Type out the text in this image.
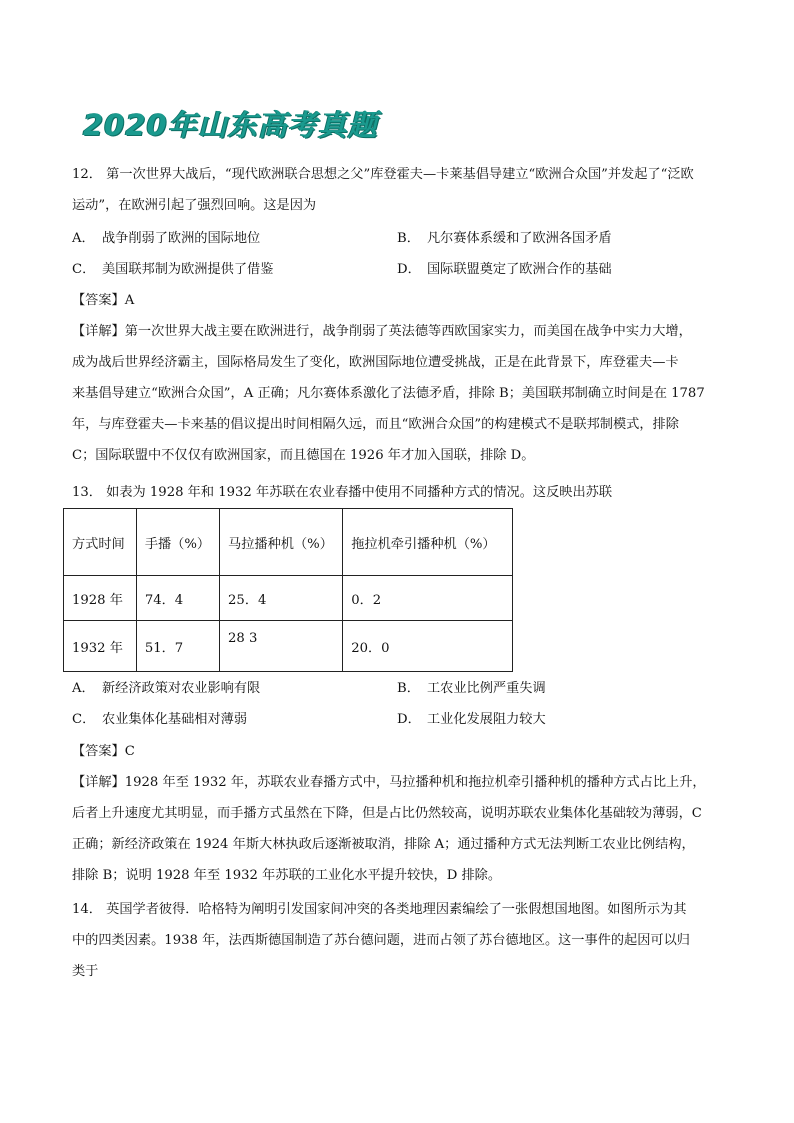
2020年山东高考真题
12． 第一次世界大战后，“现代欧洲联合思想之父”库登霍夫—卡莱基倡导建立“欧洲合众国”并发起了“泛欧
运动”，在欧洲引起了强烈回响。这是因为
A． 战争削弱了欧洲的国际地位	B． 凡尔赛体系缓和了欧洲各国矛盾
C． 美国联邦制为欧洲提供了借鉴	D． 国际联盟奠定了欧洲合作的基础
【答案】A
【详解】第一次世界大战主要在欧洲进行，战争削弱了英法德等西欧国家实力，而美国在战争中实力大增，
成为战后世界经济霸主，国际格局发生了变化，欧洲国际地位遭受挑战，正是在此背景下，库登霍夫—卡
来基倡导建立“欧洲合众国”，A 正确；凡尔赛体系激化了法德矛盾，排除 B；美国联邦制确立时间是在 1787
年，与库登霍夫—卡来基的倡议提出时间相隔久远，而且“欧洲合众国”的构建模式不是联邦制模式，排除
C；国际联盟中不仅仅有欧洲国家，而且德国在 1926 年才加入国联，排除 D。
13． 如表为 1928 年和 1932 年苏联在农业春播中使用不同播种方式的情况。这反映出苏联
方式时间	手播（%）	马拉播种机（%）	拖拉机牵引播种机（%）
1928 年	74．4	25．4	0．2
1932 年	51．7	28 3	20．0
A． 新经济政策对农业影响有限	B． 工农业比例严重失调
C． 农业集体化基础相对薄弱	D． 工业化发展阻力较大
【答案】C
【详解】1928 年至 1932 年，苏联农业春播方式中，马拉播种机和拖拉机牵引播种机的播种方式占比上升，
后者上升速度尤其明显，而手播方式虽然在下降，但是占比仍然较高，说明苏联农业集体化基础较为薄弱，C
正确；新经济政策在 1924 年斯大林执政后逐渐被取消，排除 A；通过播种方式无法判断工农业比例结构，
排除 B；说明 1928 年至 1932 年苏联的工业化水平提升较快，D 排除。
14． 英国学者彼得．哈格特为阐明引发国家间冲突的各类地理因素编绘了一张假想国地图。如图所示为其
中的四类因素。1938 年，法西斯德国制造了苏台德问题，进而占领了苏台德地区。这一事件的起因可以归
类于
